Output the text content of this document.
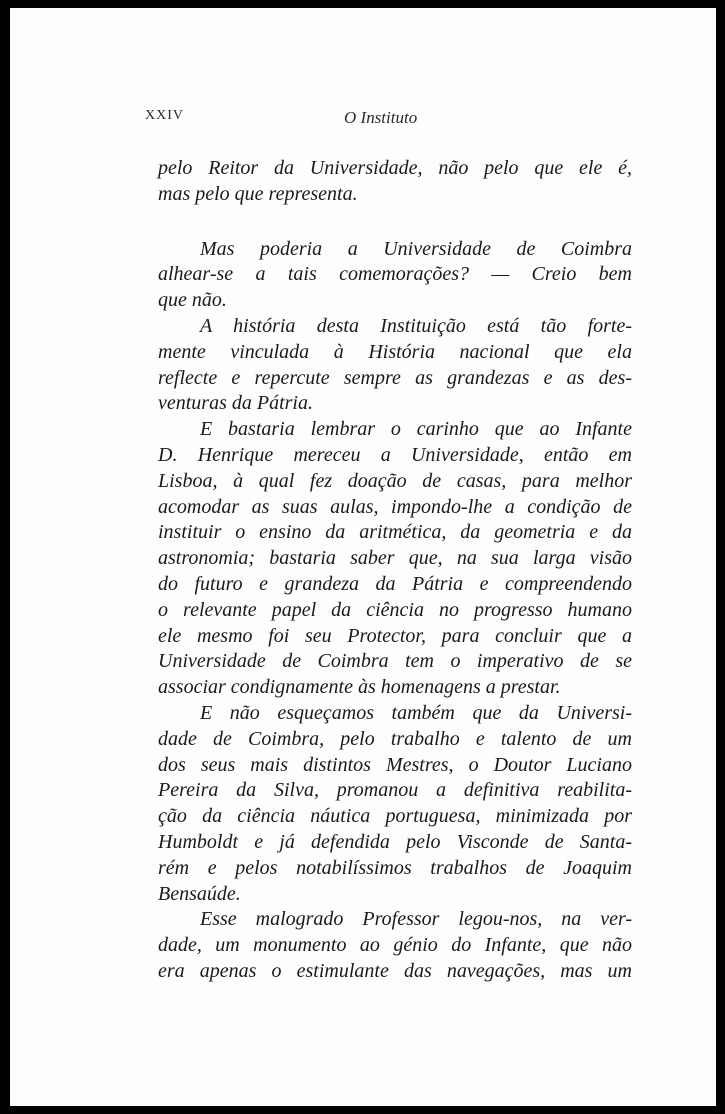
XXIV	O Instituto
pelo Reitor da Universidade, não pelo que ele é,
mas pelo que representa.
Mas poderia a Universidade de Coimbra
alhear-se a tais comemorações? — Creio bem
que não.
A história desta Instituição está tão forte-
mente vinculada à História nacional que ela
reflecte e repercute sempre as grandezas e as des-
venturas da Pátria.
E bastaria lembrar o carinho que ao Infante
D. Henrique mereceu a Universidade, então em
Lisboa, à qual fez doação de casas, para melhor
acomodar as suas aulas, impondo-lhe a condição de
instituir o ensino da aritmética, da geometria e da
astronomia; bastaria saber que, na sua larga visão
do futuro e grandeza da Pátria e compreendendo
o relevante papel da ciência no progresso humano
ele mesmo foi seu Protector, para concluir que a
Universidade de Coimbra tem o imperativo de se
associar condignamente às homenagens a prestar.
E não esqueçamos também que da Universi-
dade de Coimbra, pelo trabalho e talento de um
dos seus mais distintos Mestres, o Doutor Luciano
Pereira da Silva, promanou a definitiva reabilita-
ção da ciência náutica portuguesa, minimizada por
Humboldt e já defendida pelo Visconde de Santa-
rém e pelos notabilíssimos trabalhos de Joaquim
Bensaúde.
Esse malogrado Professor legou-nos, na ver-
dade, um monumento ao génio do Infante, que não
era apenas o estimulante das navegações, mas um
